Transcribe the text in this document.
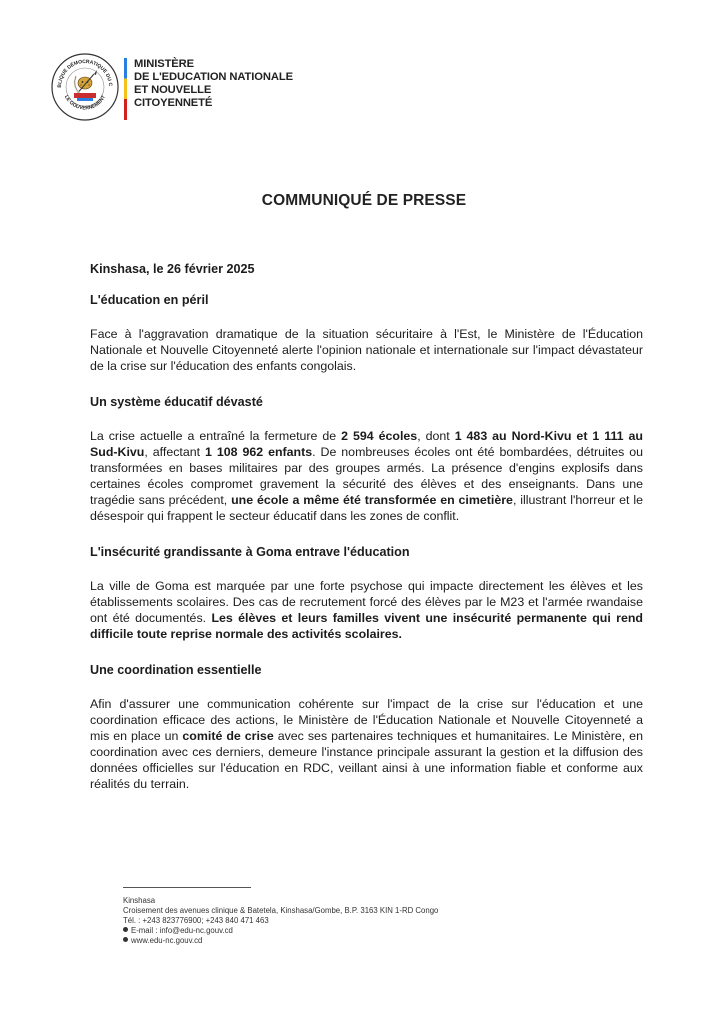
BLIQUE DÉMOCRATIQUE DU C
LE GOUVERNEMENT
MINISTÈRE
DE L'EDUCATION NATIONALE
ET NOUVELLE
CITOYENNETÉ
COMMUNIQUÉ DE PRESSE
Kinshasa, le 26 février 2025
L'éducation en péril

Face à l'aggravation dramatique de la situation sécuritaire à l'Est, le Ministère de l'Éducation Nationale et Nouvelle Citoyenneté alerte l'opinion nationale et internationale sur l'impact dévastateur de la crise sur l'éducation des enfants congolais.

Un système éducatif dévasté

La crise actuelle a entraîné la fermeture de 2 594 écoles, dont 1 483 au Nord-Kivu et 1 111 au Sud-Kivu, affectant 1 108 962 enfants. De nombreuses écoles ont été bombardées, détruites ou transformées en bases militaires par des groupes armés. La présence d'engins explosifs dans certaines écoles compromet gravement la sécurité des élèves et des enseignants. Dans une tragédie sans précédent, une école a même été transformée en cimetière, illustrant l'horreur et le désespoir qui frappent le secteur éducatif dans les zones de conflit.

L'insécurité grandissante à Goma entrave l'éducation

La ville de Goma est marquée par une forte psychose qui impacte directement les élèves et les établissements scolaires. Des cas de recrutement forcé des élèves par le M23 et l'armée rwandaise ont été documentés. Les élèves et leurs familles vivent une insécurité permanente qui rend difficile toute reprise normale des activités scolaires.

Une coordination essentielle

Afin d'assurer une communication cohérente sur l'impact de la crise sur l'éducation et une coordination efficace des actions, le Ministère de l'Éducation Nationale et Nouvelle Citoyenneté a mis en place un comité de crise avec ses partenaires techniques et humanitaires. Le Ministère, en coordination avec ces derniers, demeure l'instance principale assurant la gestion et la diffusion des données officielles sur l'éducation en RDC, veillant ainsi à une information fiable et conforme aux réalités du terrain.

Kinshasa
Croisement des avenues clinique & Batetela, Kinshasa/Gombe, B.P. 3163 KIN 1-RD Congo
Tél. : +243 823776900; +243 840 471 463
E-mail : info@edu-nc.gouv.cd
www.edu-nc.gouv.cd
